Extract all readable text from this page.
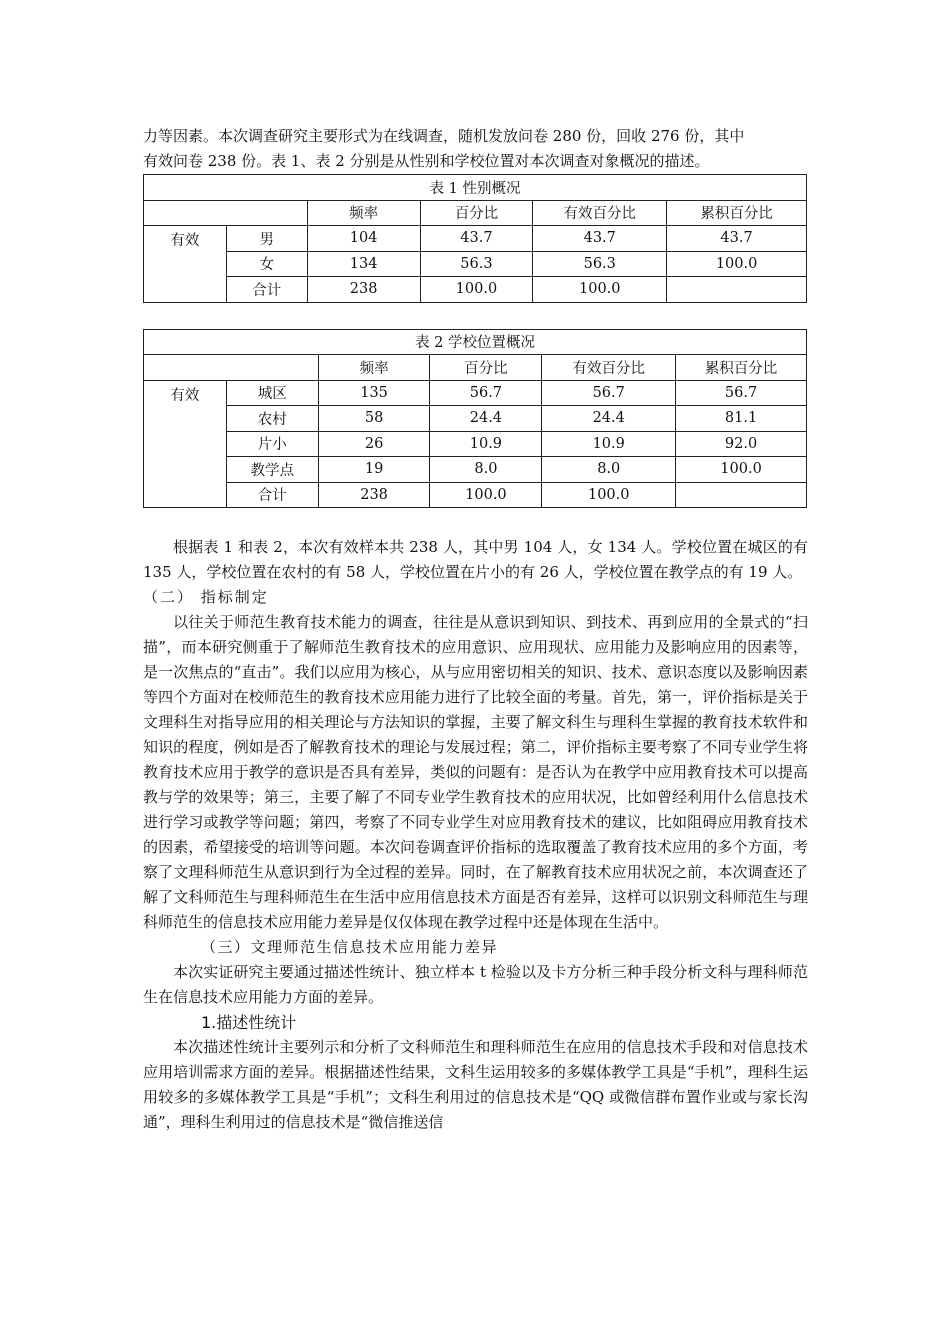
力等因素。本次调查研究主要形式为在线调查，随机发放问卷 280 份，回收 276 份，其中

有效问卷 238 份。表 1、表 2 分别是从性别和学校位置对本次调查对象概况的描述。

表 1 性别概况					
		频率	百分比	有效百分比	累积百分比
有效	男	104	43.7	43.7	43.7
	女	134	56.3	56.3	100.0
	合计	238	100.0	100.0	
表 2 学校位置概况					
		频率	百分比	有效百分比	累积百分比
有效	城区	135	56.7	56.7	56.7
	农村	58	24.4	24.4	81.1
	片小	26	10.9	10.9	92.0
	教学点	19	8.0	8.0	100.0
	合计	238	100.0	100.0	

根据表 1 和表 2，本次有效样本共 238 人，其中男 104 人，女 134 人。学校位置在城区的有 135 人，学校位置在农村的有 58 人，学校位置在片小的有 26 人，学校位置在教学点的有 19 人。

（二） 指标制定

以往关于师范生教育技术能力的调查，往往是从意识到知识、到技术、再到应用的全景式的“扫描”，而本研究侧重于了解师范生教育技术的应用意识、应用现状、应用能力及影响应用的因素等，是一次焦点的“直击”。我们以应用为核心，从与应用密切相关的知识、技术、意识态度以及影响因素等四个方面对在校师范生的教育技术应用能力进行了比较全面的考量。首先，第一，评价指标是关于文理科生对指导应用的相关理论与方法知识的掌握，主要了解文科生与理科生掌握的教育技术软件和知识的程度，例如是否了解教育技术的理论与发展过程；第二，评价指标主要考察了不同专业学生将教育技术应用于教学的意识是否具有差异，类似的问题有：是否认为在教学中应用教育技术可以提高教与学的效果等；第三，主要了解了不同专业学生教育技术的应用状况，比如曾经利用什么信息技术进行学习或教学等问题；第四，考察了不同专业学生对应用教育技术的建议，比如阻碍应用教育技术的因素，希望接受的培训等问题。本次问卷调查评价指标的选取覆盖了教育技术应用的多个方面，考察了文理科师范生从意识到行为全过程的差异。同时，在了解教育技术应用状况之前，本次调查还了解了文科师范生与理科师范生在生活中应用信息技术方面是否有差异，这样可以识别文科师范生与理科师范生的信息技术应用能力差异是仅仅体现在教学过程中还是体现在生活中。

（三）文理师范生信息技术应用能力差异

本次实证研究主要通过描述性统计、独立样本 t 检验以及卡方分析三种手段分析文科与理科师范生在信息技术应用能力方面的差异。

1.描述性统计

本次描述性统计主要列示和分析了文科师范生和理科师范生在应用的信息技术手段和对信息技术应用培训需求方面的差异。根据描述性结果，文科生运用较多的多媒体教学工具是“手机”，理科生运用较多的多媒体教学工具是“手机”；文科生利用过的信息技术是“QQ 或微信群布置作业或与家长沟通”，理科生利用过的信息技术是“微信推送信
